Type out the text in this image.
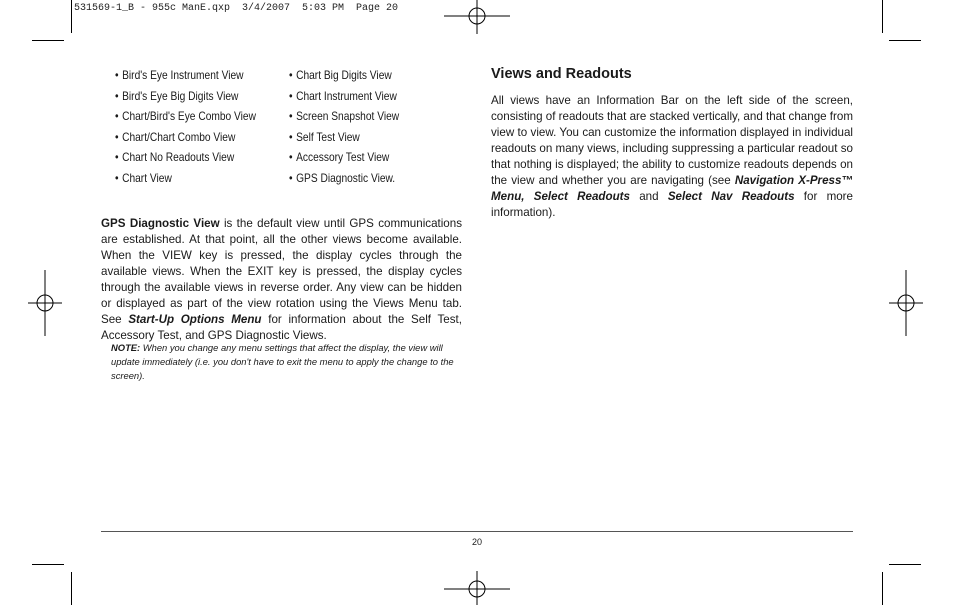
531569-1_B - 955c ManE.qxp  3/4/2007  5:03 PM  Page 20
• Bird's Eye Instrument View
• Bird's Eye Big Digits View
• Chart/Bird's Eye Combo View
• Chart/Chart Combo View
• Chart No Readouts View
• Chart View
• Chart Big Digits View
• Chart Instrument View
• Screen Snapshot View
• Self Test View
• Accessory Test View
• GPS Diagnostic View.
GPS Diagnostic View is the default view until GPS communications are established. At that point, all the other views become available. When the VIEW key is pressed, the display cycles through the available views. When the EXIT key is pressed, the display cycles through the available views in reverse order. Any view can be hidden or displayed as part of the view rotation using the Views Menu tab. See Start-Up Options Menu for information about the Self Test, Accessory Test, and GPS Diagnostic Views.
NOTE: When you change any menu settings that affect the display, the view will update immediately (i.e. you don't have to exit the menu to apply the change to the screen).
Views and Readouts
All views have an Information Bar on the left side of the screen, consisting of readouts that are stacked vertically, and that change from view to view. You can customize the information displayed in individual readouts on many views, including suppressing a particular readout so that nothing is displayed; the ability to customize readouts depends on the view and whether you are navigating (see Navigation X-Press™ Menu, Select Readouts and Select Nav Readouts for more information).
20
